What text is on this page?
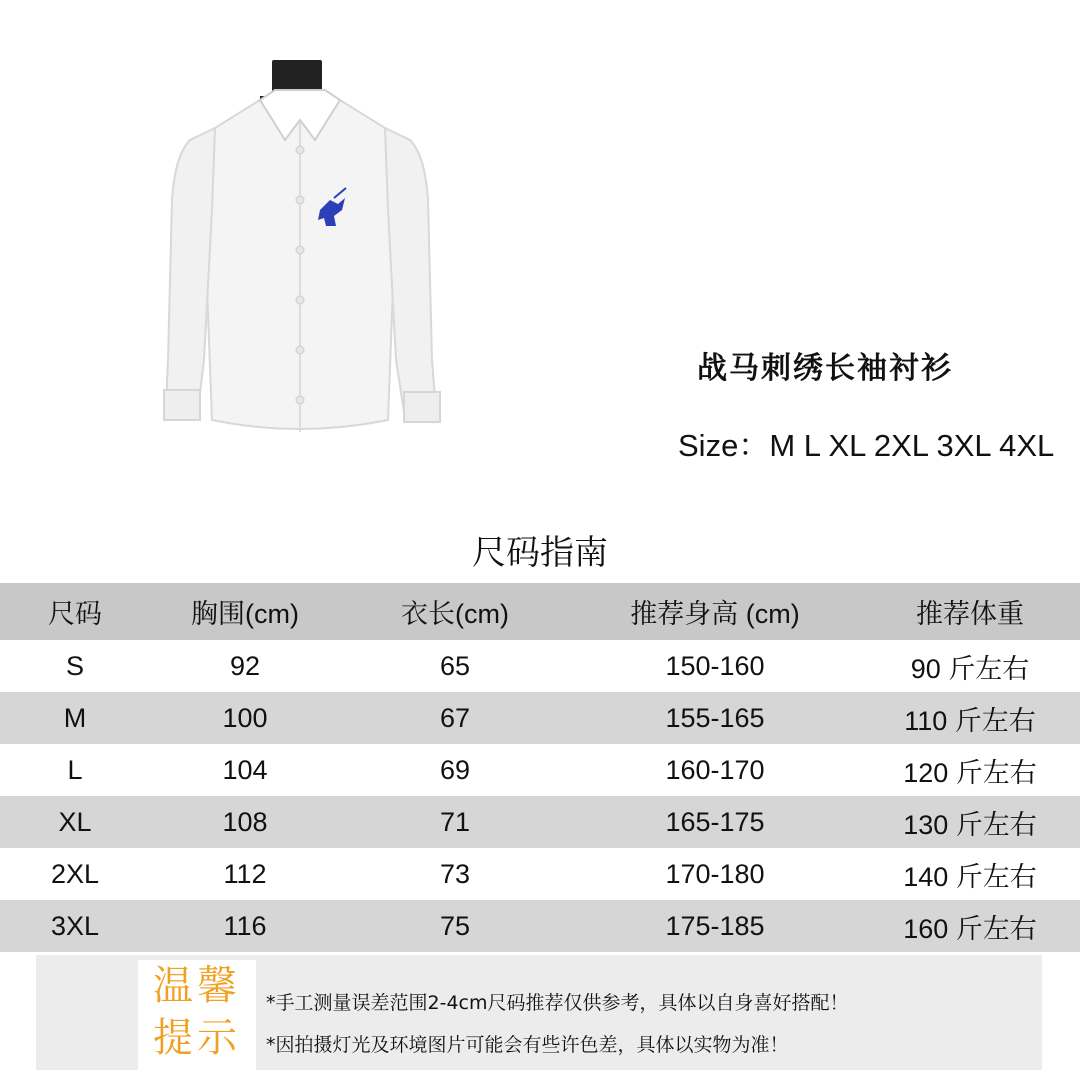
战马刺绣长袖衬衫
Size：M L XL 2XL 3XL 4XL
尺码指南
尺码	胸围(cm)	衣长(cm)	推荐身高 (cm)	推荐体重
S	92	65	150-160	90 斤左右
M	100	67	155-165	110 斤左右
L	104	69	160-170	120 斤左右
XL	108	71	165-175	130 斤左右
2XL	112	73	170-180	140 斤左右
3XL	116	75	175-185	160 斤左右
温馨
提示
*手工测量误差范围2-4cm尺码推荐仅供参考，具体以自身喜好搭配！
*因拍摄灯光及环境图片可能会有些许色差，具体以实物为准！
